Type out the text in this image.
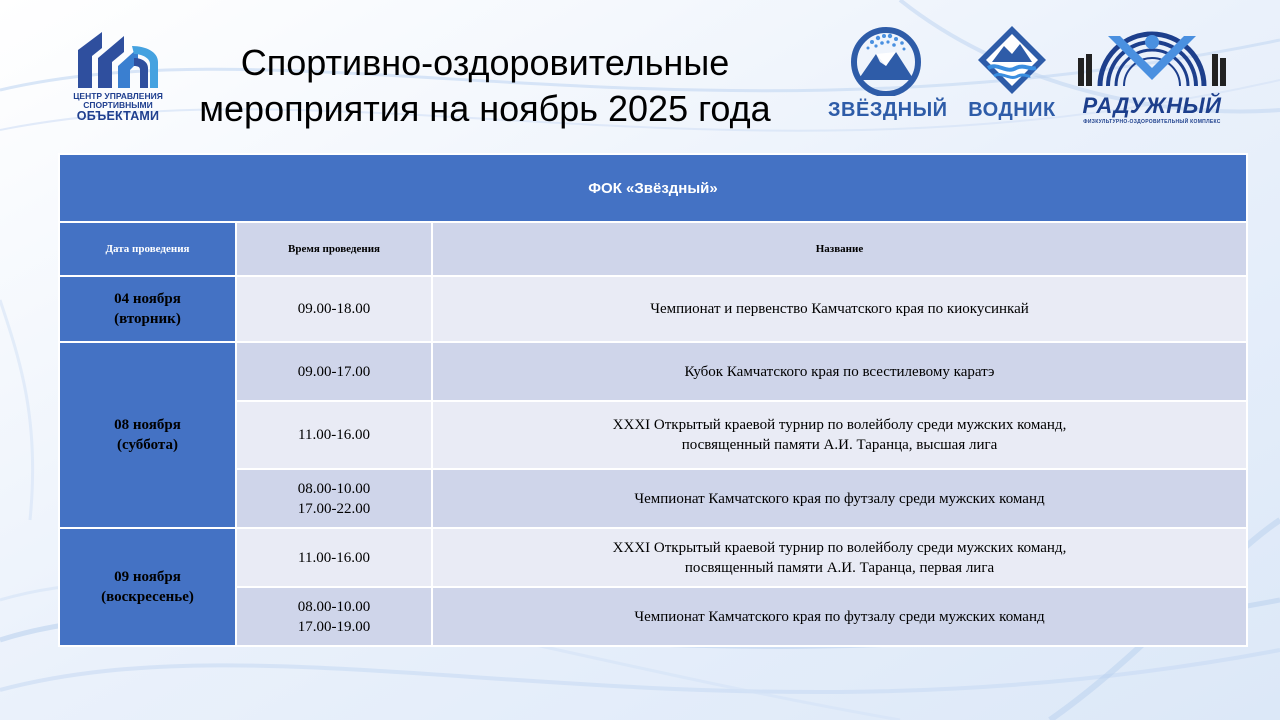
ЦЕНТР УПРАВЛЕНИЯ
СПОРТИВНЫМИ
ОБЪЕКТАМИ
Спортивно-оздоровительные
мероприятия на ноябрь 2025 года	ЗВЁЗДНЫЙ ВОДНИК	РАДУЖНЫЙ
ФИЗКУЛЬТУРНО-ОЗДОРОВИТЕЛЬНЫЙ КОМПЛЕКС
ФОК «Звёздный»		
Дата проведения	Время проведения	Название
04 ноября
(вторник)	09.00-18.00	Чемпионат и первенство Камчатского края по киокусинкай
08 ноября
(суббота)	09.00-17.00	Кубок Камчатского края по всестилевому каратэ
	11.00-16.00	XXXI Открытый краевой турнир по волейболу среди мужских команд,
посвященный памяти А.И. Таранца, высшая лига
	08.00-10.00
17.00-22.00	Чемпионат Камчатского края по футзалу среди мужских команд
09 ноября
(воскресенье)	11.00-16.00	XXXI Открытый краевой турнир по волейболу среди мужских команд,
посвященный памяти А.И. Таранца, первая лига
	08.00-10.00
17.00-19.00	Чемпионат Камчатского края по футзалу среди мужских команд
